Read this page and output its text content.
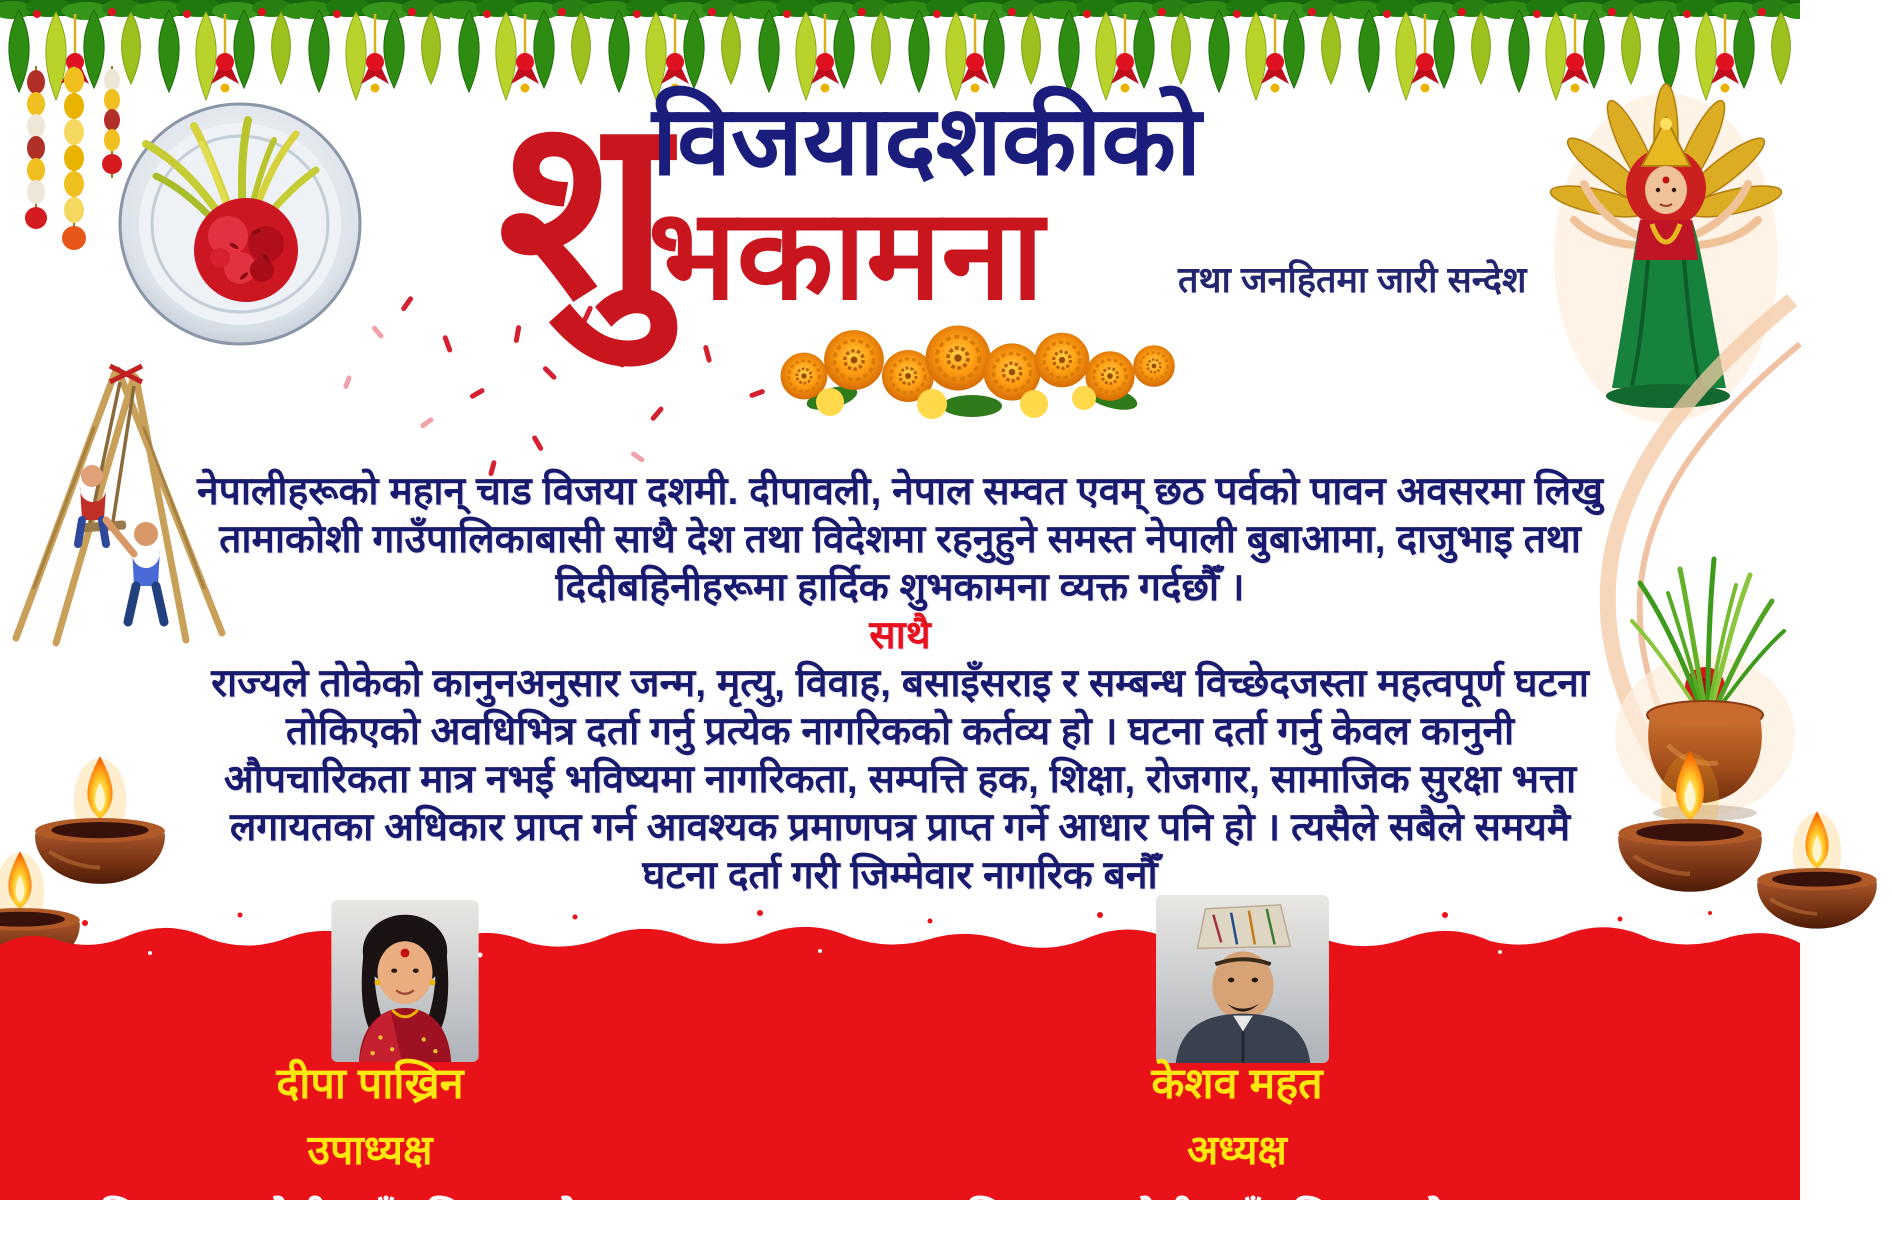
शु
विजयादशकीको
भकामना	तथा जनहितमा जारी सन्देश
नेपालीहरूको महान् चाड विजया दशमी. दीपावली, नेपाल सम्वत एवम् छठ पर्वको पावन अवसरमा लिखु
तामाकोशी गाउँपालिकाबासी साथै देश तथा विदेशमा रहनुहुने समस्त नेपाली बुबाआमा, दाजुभाइ तथा
दिदीबहिनीहरूमा हार्दिक शुभकामना व्यक्त गर्दछौँ ।
साथै
राज्यले तोकेको कानुनअनुसार जन्म, मृत्यु, विवाह, बसाइँसराइ र सम्बन्ध विच्छेदजस्ता महत्वपूर्ण घटना
तोकिएको अवधिभित्र दर्ता गर्नु प्रत्येक नागरिकको कर्तव्य हो । घटना दर्ता गर्नु केवल कानुनी
औपचारिकता मात्र नभई भविष्यमा नागरिकता, सम्पत्ति हक, शिक्षा, रोजगार, सामाजिक सुरक्षा भत्ता
लगायतका अधिकार प्राप्त गर्न आवश्यक प्रमाणपत्र प्राप्त गर्ने आधार पनि हो । त्यसैले सबैले समयमै
घटना दर्ता गरी जिम्मेवार नागरिक बनौँ

दीपा पाख्रिन

उपाध्यक्ष

लिखु तामाकोशी गाउँपालिका, रामेछाप

केशव महत

अध्यक्ष

लिखु तामाकोशी गाउँपालिका, रामेछाप
